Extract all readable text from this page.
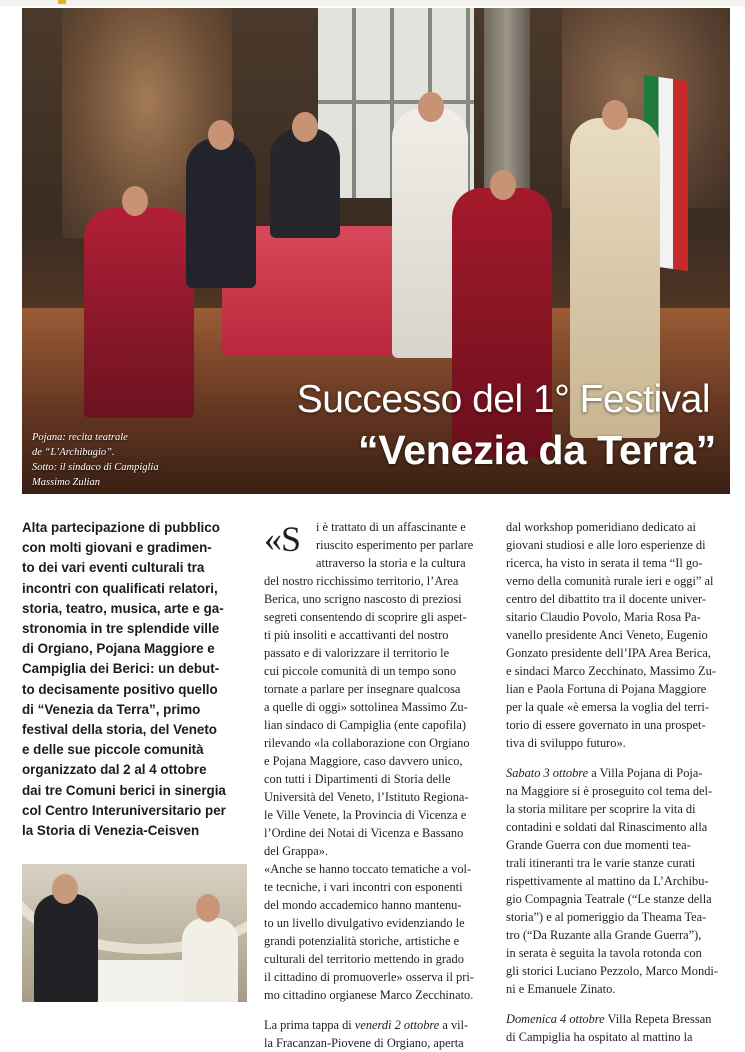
Successo del 1° Festival
“Venezia da Terra”
Pojana: recita teatrale
de “L’Archibugio”.
Sotto: il sindaco di Campiglia
Massimo Zulian
Alta partecipazione di pubblico
con molti giovani e gradimen-
to dei vari eventi culturali tra
incontri con qualificati relatori,
storia, teatro, musica, arte e ga-
stronomia in tre splendide ville
di Orgiano, Pojana Maggiore e
Campiglia dei Berici: un debut-
to decisamente positivo quello
di “Venezia da Terra”, primo
festival della storia, del Veneto
e delle sue piccole comunità
organizzato dal 2 al 4 ottobre
dai tre Comuni berici in sinergia
col Centro Interuniversitario per
la Storia di Venezia-Ceisven
«S	i è trattato di un affascinante e
riuscito esperimento per parlare
attraverso la storia e la cultura
del nostro ricchissimo territorio, l’Area
Berica, uno scrigno nascosto di preziosi
segreti consentendo di scoprire gli aspet-
ti più insoliti e accattivanti del nostro
passato e di valorizzare il territorio le
cui piccole comunità di un tempo sono
tornate a parlare per insegnare qualcosa
a quelle di oggi» sottolinea Massimo Zu-
lian sindaco di Campiglia (ente capofila)
rilevando «la collaborazione con Orgiano
e Pojana Maggiore, caso davvero unico,
con tutti i Dipartimenti di Storia delle
Università del Veneto, l’Istituto Regiona-
le Ville Venete, la Provincia di Vicenza e
l’Ordine dei Notai di Vicenza e Bassano
del Grappa».
«Anche se hanno toccato tematiche a vol-
te tecniche, i vari incontri con esponenti
del mondo accademico hanno mantenu-
to un livello divulgativo evidenziando le
grandi potenzialità storiche, artistiche e
culturali del territorio mettendo in grado
il cittadino di promuoverle» osserva il pri-
mo cittadino orgianese Marco Zecchinato.
La prima tappa di venerdì 2 ottobre a vil-
la Fracanzan-Piovene di Orgiano, aperta
dal workshop pomeridiano dedicato ai
giovani studiosi e alle loro esperienze di
ricerca, ha visto in serata il tema “Il go-
verno della comunità rurale ieri e oggi” al
centro del dibattito tra il docente univer-
sitario Claudio Povolo, Maria Rosa Pa-
vanello presidente Anci Veneto, Eugenio
Gonzato presidente dell’IPA Area Berica,
e sindaci Marco Zecchinato, Massimo Zu-
lian e Paola Fortuna di Pojana Maggiore
per la quale «è emersa la voglia del terri-
torio di essere governato in una prospet-
tiva di sviluppo futuro».
Sabato 3 ottobre a Villa Pojana di Poja-
na Maggiore si è proseguito col tema del-
la storia militare per scoprire la vita di
contadini e soldati dal Rinascimento alla
Grande Guerra con due momenti tea-
trali itineranti tra le varie stanze curati
rispettivamente al mattino da L’Archibu-
gio Compagnia Teatrale (“Le stanze della
storia”) e al pomeriggio da Theama Tea-
tro (“Da Ruzante alla Grande Guerra”),
in serata è seguita la tavola rotonda con
gli storici Luciano Pezzolo, Marco Mondi-
ni e Emanuele Zinato.
Domenica 4 ottobre Villa Repeta Bressan
di Campiglia ha ospitato al mattino la
